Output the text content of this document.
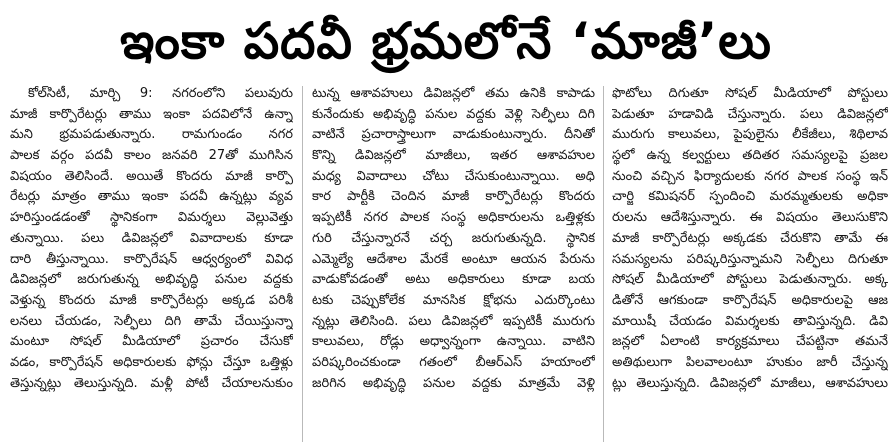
ఇంకా పదవీ భ్రమలోనే ‘మాజీ’లు
కోల్‌సిటీ, మార్చి 9: నగరంలోని పలువురు
మాజీ కార్పొరేటర్లు తాము ఇంకా పదవిలోనే ఉన్నా
మని భ్రమపడుతున్నారు. రామగుండం నగర
పాలక వర్గం పదవీ కాలం జనవరి 27తో ముగిసిన
విషయం తెలిసిందే. అయితే కొందరు మాజీ కార్పొ
రేటర్లు మాత్రం తాము ఇంకా పదవీ ఉన్నట్లు వ్యవ
హరిస్తుండడంతో స్థానికంగా విమర్శలు వెల్లువెత్తు
తున్నాయి. పలు డివిజన్లలో వివాదాలకు కూడా
దారి తీస్తున్నాయి. కార్పొరేషన్ ఆధ్వర్యంలో వివిధ
డివిజన్లలో జరుగుతున్న అభివృద్ధి పనుల వద్దకు
వెళ్తున్న కొందరు మాజీ కార్పొరేటర్లు అక్కడ పరిశీ
లనలు చేయడం, సెల్ఫీలు దిగి తామే చేయిస్తున్నా
మంటూ సోషల్ మీడియాలో ప్రచారం చేసుకో
వడం, కార్పొరేషన్ అధికారులకు ఫోన్లు చేస్తూ ఒత్తిళ్లు
తెస్తున్నట్లు తెలుస్తున్నది. మళ్లీ పోటీ చేయాలనుకుం
టున్న ఆశావహులు డివిజన్లలో తమ ఉనికి కాపాడు
కునేందుకు అభివృద్ధి పనుల వద్దకు వెళ్లి సెల్ఫీలు దిగి
వాటినే ప్రచారాస్త్రాలుగా వాడుకుంటున్నారు. దీనితో
కొన్ని డివిజన్లలో మాజీలు, ఇతర ఆశావహుల
మధ్య వివాదాలు చోటు చేసుకుంటున్నాయి. అధి
కార పార్టీకి చెందిన మాజీ కార్పొరేటర్లు కొందరు
ఇప్పటికీ నగర పాలక సంస్థ అధికారులను ఒత్తిళ్లకు
గురి చేస్తున్నారనే చర్చ జరుగుతున్నది. స్థానిక
ఎమ్మెల్యే ఆదేశాల మేరకే అంటూ ఆయన పేరును
వాడుకోవడంతో అటు అధికారులు కూడా బయ
టకు చెప్పుకోలేక మానసిక క్షోభను ఎదుర్కొంటు
న్నట్లు తెలిసింది. పలు డివిజన్లలో ఇప్పటికీ మురుగు
కాలువలు, రోడ్లు అధ్వాన్నంగా ఉన్నాయి. వాటిని
పరిష్కరించకుండా గతంలో బీఆర్ఎస్ హయాంలో
జరిగిన అభివృద్ధి పనుల వద్దకు మాత్రమే వెళ్లి
ఫొటోలు దిగుతూ సోషల్ మీడియాలో పోస్టులు
పెడుతూ హడావిడి చేస్తున్నారు. పలు డివిజన్లలో
మురుగు కాలువలు, పైపులైను లీకేజీలు, శిథిలావ
స్థలో ఉన్న కల్వర్టులు తదితర సమస్యలపై ప్రజల
నుంచి వచ్చిన ఫిర్యాదులకు నగర పాలక సంస్థ ఇన్
చార్జి కమిషనర్ స్పందించి మరమ్మతులకు అధికా
రులను ఆదేశిస్తున్నారు. ఈ విషయం తెలుసుకొని
మాజీ కార్పొరేటర్లు అక్కడకు చేరుకొని తామే ఈ
సమస్యలను పరిష్కరిస్తున్నామని సెల్ఫీలు దిగుతూ
సోషల్ మీడియాలో పోస్టులు పెడుతున్నారు. అక్క
డితోనే ఆగకుండా కార్పొరేషన్ అధికారులపై ఆజ
మాయిషీ చేయడం విమర్శలకు తావిస్తున్నది. డివి
జన్లలో ఏలాంటి కార్యక్రమాలు చేపట్టినా తమనే
అతిథులుగా పిలవాలంటూ హుకుం జారీ చేస్తున్న
ట్లు తెలుస్తున్నది. డివిజన్లలో మాజీలు, ఆశావహులు
